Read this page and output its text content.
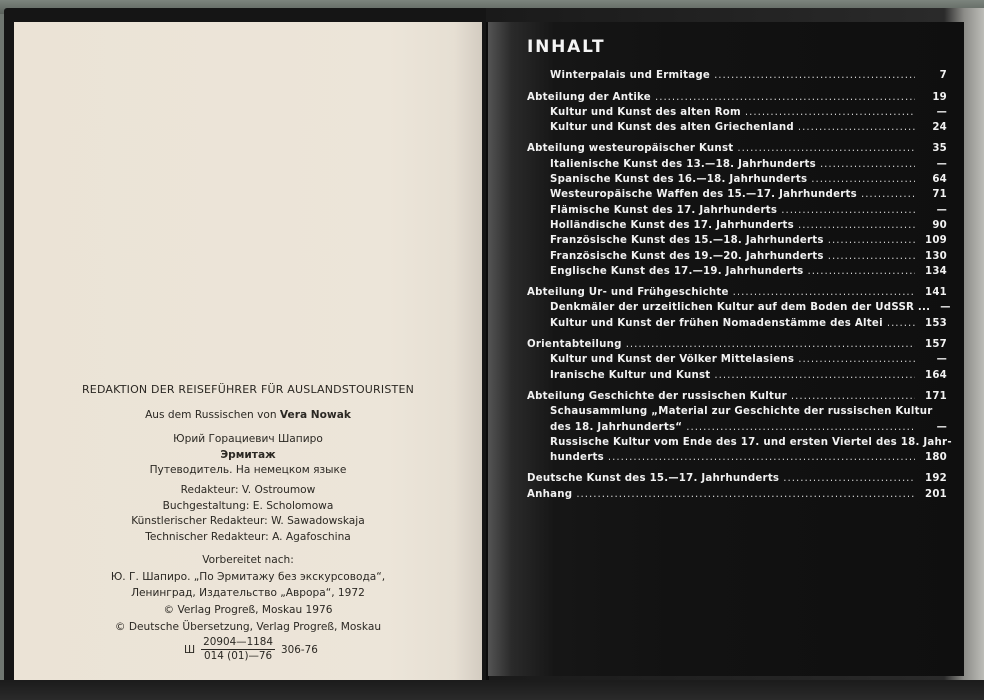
REDAKTION DER REISEFÜHRER FÜR AUSLANDSTOURISTEN
Aus dem Russischen von Vera Nowak
Юрий Горациевич Шапиро
Эрмитаж
Путеводитель. На немецком языке
Redakteur: V. Ostroumow
Buchgestaltung: E. Scholomowa
Künstlerischer Redakteur: W. Sawadowskaja
Technischer Redakteur: A. Agafoschina
Vorbereitet nach:
Ю. Г. Шапиро. „По Эрмитажу без экскурсовода“,
Ленинград, Издательство „Аврора“, 1972
© Verlag Progreß, Moskau 1976
© Deutsche Übersetzung, Verlag Progreß, Moskau
Ш $\frac{20904—1184}{014 (01)—76} 306-76$
INHALT
Winterpalais und Ermitage .....	7
Abteilung der Antike .....	19
Kultur und Kunst des alten Rom .....	—
Kultur und Kunst des alten Griechenland .....	24
Abteilung westeuropäischer Kunst .....	35
Italienische Kunst des 13.—18. Jahrhunderts .....	—
Spanische Kunst des 16.—18. Jahrhunderts .....	64
Westeuropäische Waffen des 15.—17. Jahrhunderts .....	71
Flämische Kunst des 17. Jahrhunderts .....	—
Holländische Kunst des 17. Jahrhunderts .....	90
Französische Kunst des 15.—18. Jahrhunderts .....	109
Französische Kunst des 19.—20. Jahrhunderts .....	130
Englische Kunst des 17.—19. Jahrhunderts .....	134
Abteilung Ur- und Frühgeschichte .....	141
Denkmäler der urzeitlichen Kultur auf dem Boden der UdSSR ... —
Kultur und Kunst der frühen Nomadenstämme des Altei .....	153
Orientabteilung .....	157
Kultur und Kunst der Völker Mittelasiens .....	—
Iranische Kultur und Kunst .....	164
Abteilung Geschichte der russischen Kultur .....	171
Schausammlung „Material zur Geschichte der russischen Kultur
des 18. Jahrhunderts“ .....	—
Russische Kultur vom Ende des 17. und ersten Viertel des 18. Jahr-
hunderts .....	180
Deutsche Kunst des 15.—17. Jahrhunderts .....	192
Anhang .....	201
